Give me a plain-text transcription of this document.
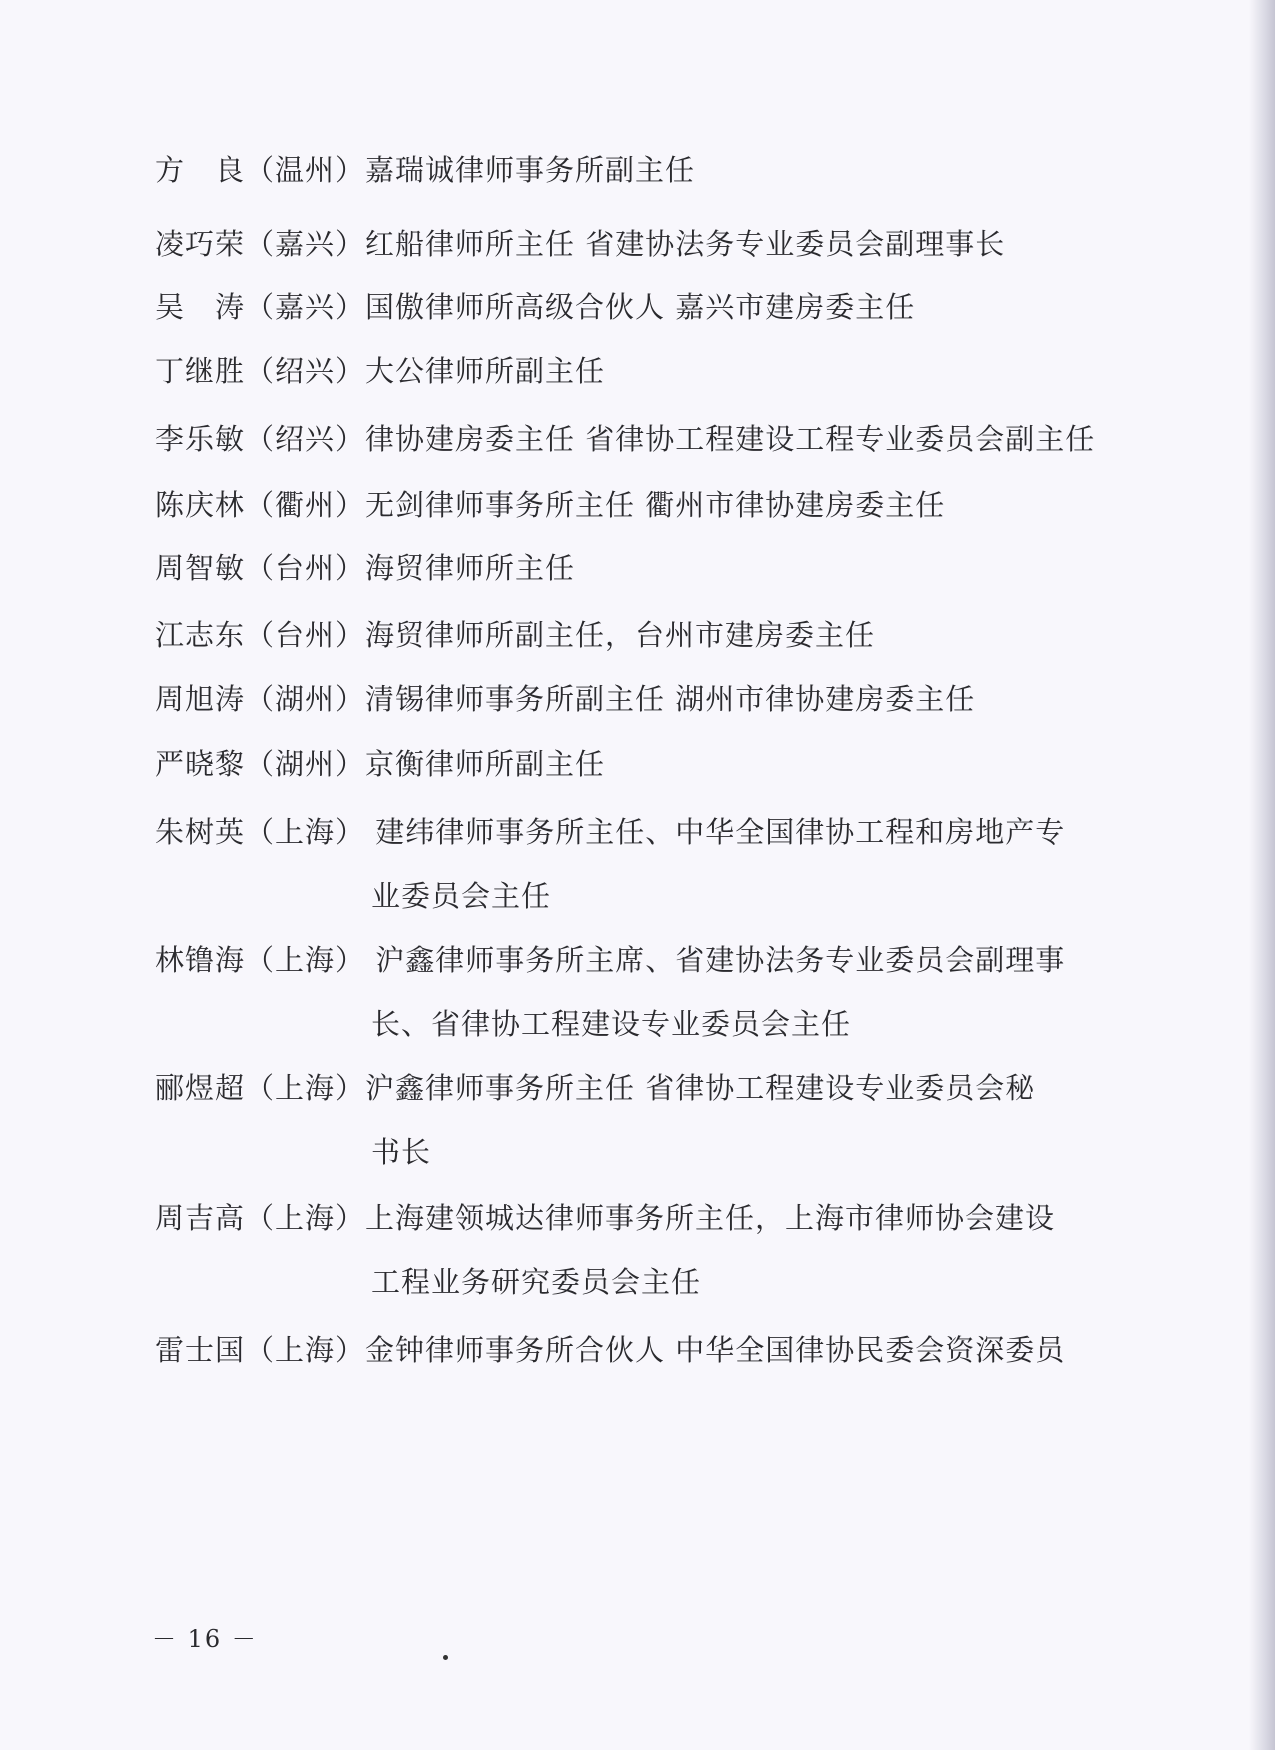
方　良（温州）嘉瑞诚律师事务所副主任
凌巧荣（嘉兴）红船律师所主任 省建协法务专业委员会副理事长
吴　涛（嘉兴）国傲律师所高级合伙人 嘉兴市建房委主任
丁继胜（绍兴）大公律师所副主任
李乐敏（绍兴）律协建房委主任 省律协工程建设工程专业委员会副主任
陈庆林（衢州）无剑律师事务所主任 衢州市律协建房委主任
周智敏（台州）海贸律师所主任
江志东（台州）海贸律师所副主任，台州市建房委主任
周旭涛（湖州）清锡律师事务所副主任 湖州市律协建房委主任
严晓黎（湖州）京衡律师所副主任
朱树英（上海） 建纬律师事务所主任、中华全国律协工程和房地产专
业委员会主任
林镥海（上海） 沪鑫律师事务所主席、省建协法务专业委员会副理事
长、省律协工程建设专业委员会主任
郦煜超（上海）沪鑫律师事务所主任 省律协工程建设专业委员会秘
书长
周吉高（上海）上海建领城达律师事务所主任，上海市律师协会建设
工程业务研究委员会主任
雷士国（上海）金钟律师事务所合伙人 中华全国律协民委会资深委员
－ 16 －
